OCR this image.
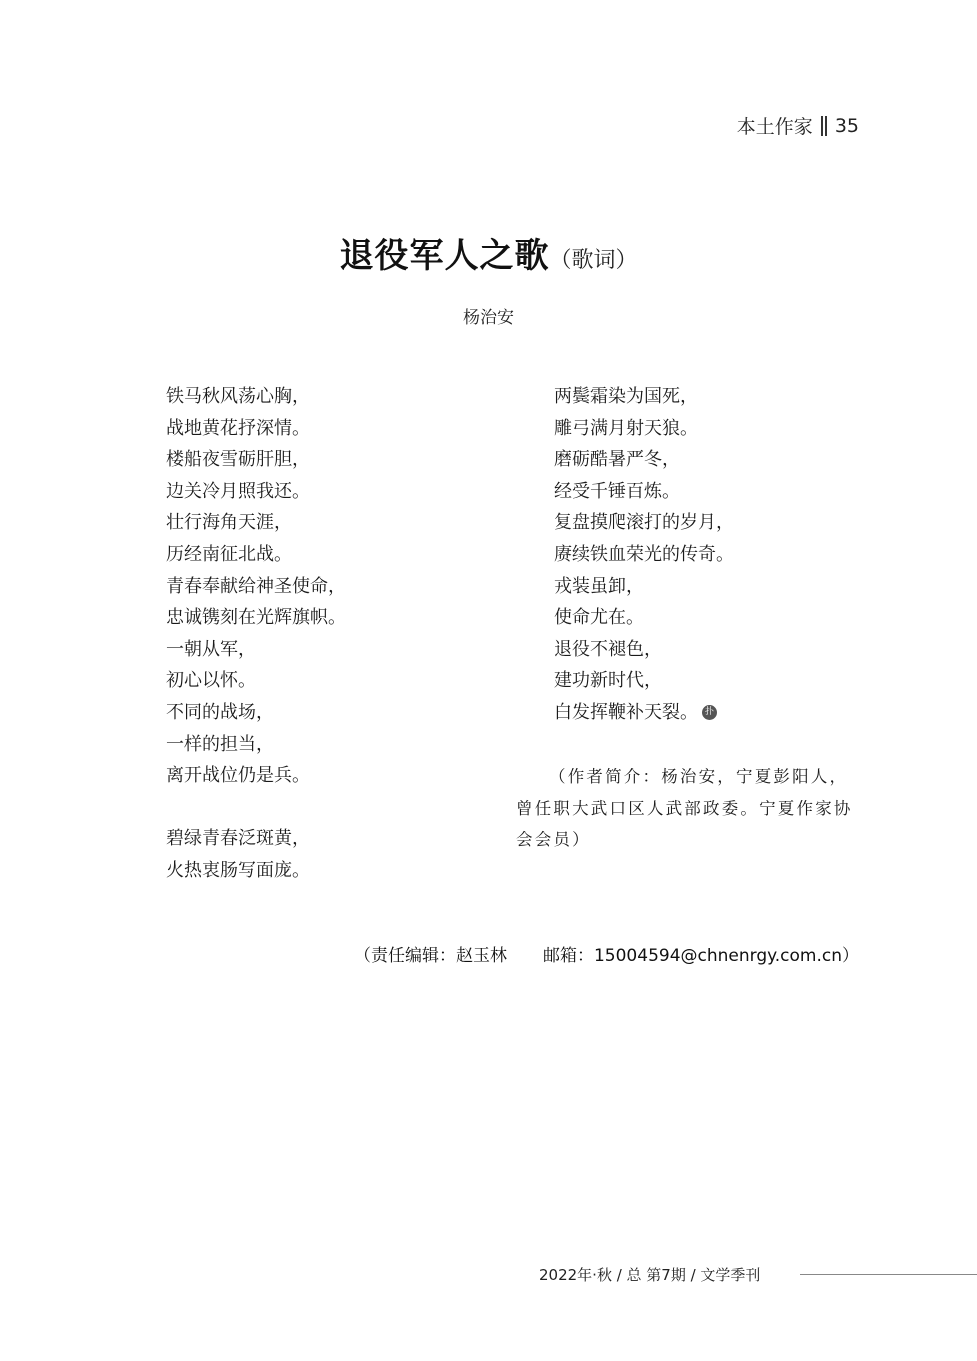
本土作家 35
退役军人之歌（歌词）
杨治安
铁马秋风荡心胸，
战地黄花抒深情。
楼船夜雪砺肝胆，
边关冷月照我还。
壮行海角天涯，
历经南征北战。
青春奉献给神圣使命，
忠诚镌刻在光辉旗帜。
一朝从军，
初心以怀。
不同的战场，
一样的担当，
离开战位仍是兵。
碧绿青春泛斑黄，
火热衷肠写面庞。
两鬓霜染为国死，
雕弓满月射天狼。
磨砺酷暑严冬，
经受千锤百炼。
复盘摸爬滚打的岁月，
赓续铁血荣光的传奇。
戎装虽卸，
使命尤在。
退役不褪色，
建功新时代，
白发挥鞭补天裂。 扑
（作者简介：杨治安，宁夏彭阳人，曾任职大武口区人武部政委。宁夏作家协会会员）
（责任编辑：赵玉林 邮箱：15004594@chnenrgy.com.cn）
2022年·秋 / 总 第7期 / 文学季刊
